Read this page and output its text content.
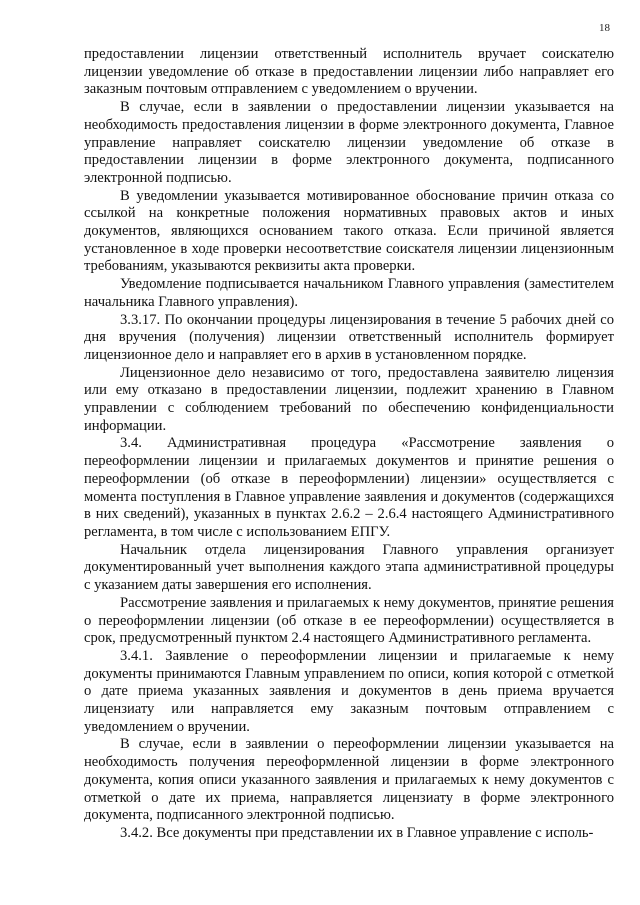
18

предоставлении лицензии ответственный исполнитель вручает соискателю лицензии уведомление об отказе в предоставлении лицензии либо направляет его заказным почтовым отправлением с уведомлением о вручении.

В случае, если в заявлении о предоставлении лицензии указывается на необходимость предоставления лицензии в форме электронного документа, Главное управление направляет соискателю лицензии уведомление об отказе в предоставлении лицензии в форме электронного документа, подписанного электронной подписью.

В уведомлении указывается мотивированное обоснование причин отказа со ссылкой на конкретные положения нормативных правовых актов и иных документов, являющихся основанием такого отказа. Если причиной является установленное в ходе проверки несоответствие соискателя лицензии лицензионным требованиям, указываются реквизиты акта проверки.

Уведомление подписывается начальником Главного управления (заместителем начальника Главного управления).

3.3.17. По окончании процедуры лицензирования в течение 5 рабочих дней со дня вручения (получения) лицензии ответственный исполнитель формирует лицензионное дело и направляет его в архив в установленном порядке.

Лицензионное дело независимо от того, предоставлена заявителю лицензия или ему отказано в предоставлении лицензии, подлежит хранению в Главном управлении с соблюдением требований по обеспечению конфиденциальности информации.

3.4. Административная процедура «Рассмотрение заявления о переоформлении лицензии и прилагаемых документов и принятие решения о переоформлении (об отказе в переоформлении) лицензии» осуществляется с момента поступления в Главное управление заявления и документов (содержащихся в них сведений), указанных в пунктах 2.6.2 – 2.6.4 настоящего Административного регламента, в том числе с использованием ЕПГУ.

Начальник отдела лицензирования Главного управления организует документированный учет выполнения каждого этапа административной процедуры с указанием даты завершения его исполнения.

Рассмотрение заявления и прилагаемых к нему документов, принятие решения о переоформлении лицензии (об отказе в ее переоформлении) осуществляется в срок, предусмотренный пунктом 2.4 настоящего Административного регламента.

3.4.1. Заявление о переоформлении лицензии и прилагаемые к нему документы принимаются Главным управлением по описи, копия которой с отметкой о дате приема указанных заявления и документов в день приема вручается лицензиату или направляется ему заказным почтовым отправлением с уведомлением о вручении.

В случае, если в заявлении о переоформлении лицензии указывается на необходимость получения переоформленной лицензии в форме электронного документа, копия описи указанного заявления и прилагаемых к нему документов с отметкой о дате их приема, направляется лицензиату в форме электронного документа, подписанного электронной подписью.

3.4.2. Все документы при представлении их в Главное управление с исполь-
